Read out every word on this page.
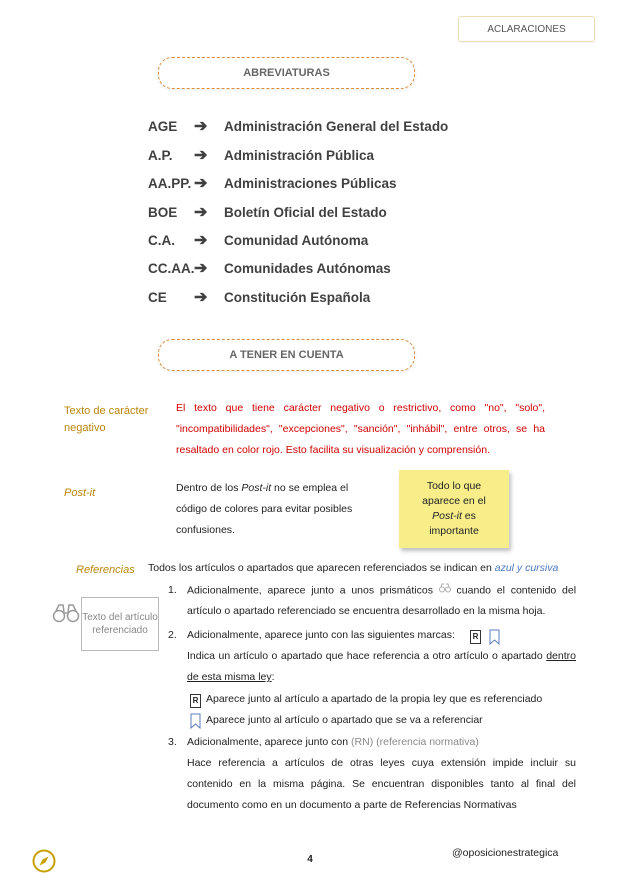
ACLARACIONES
ABREVIATURAS
AGE	➔	Administración General del Estado
A.P.	➔	Administración Pública
AA.PP. ➔	Administraciones Públicas
BOE	➔	Boletín Oficial del Estado
C.A.	➔	Comunidad Autónoma
CC.AA. ➔	Comunidades Autónomas
CE	➔	Constitución Española
A TENER EN CUENTA
Texto de carácter negativo
El texto que tiene carácter negativo o restrictivo, como "no", "solo", "incompatibilidades", "excepciones", "sanción", "inhábil", entre otros, se ha resaltado en color rojo. Esto facilita su visualización y comprensión.
Post-it	Dentro de los Post-it no se emplea el código de colores para evitar posibles confusiones.
Todo lo que
aparece en el
Post-it es
importante
Referencias Todos los artículos o apartados que aparecen referenciados se indican en azul y cursiva
Texto del artículo referenciado
1. Adicionalmente, aparece junto a unos prismáticos cuando el contenido del artículo o apartado referenciado se encuentra desarrollado en la misma hoja.
2. Adicionalmente, aparece junto con las siguientes marcas:	R
Indica un artículo o apartado que hace referencia a otro artículo o apartado dentro de esta misma ley:
R Aparece junto al artículo a apartado de la propia ley que es referenciado
Aparece junto al artículo o apartado que se va a referenciar
3. Adicionalmente, aparece junto con (RN) (referencia normativa)
Hace referencia a artículos de otras leyes cuya extensión impide incluir su contenido en la misma página. Se encuentran disponibles tanto al final del documento como en un documento a parte de Referencias Normativas
4
@oposicionestrategica
